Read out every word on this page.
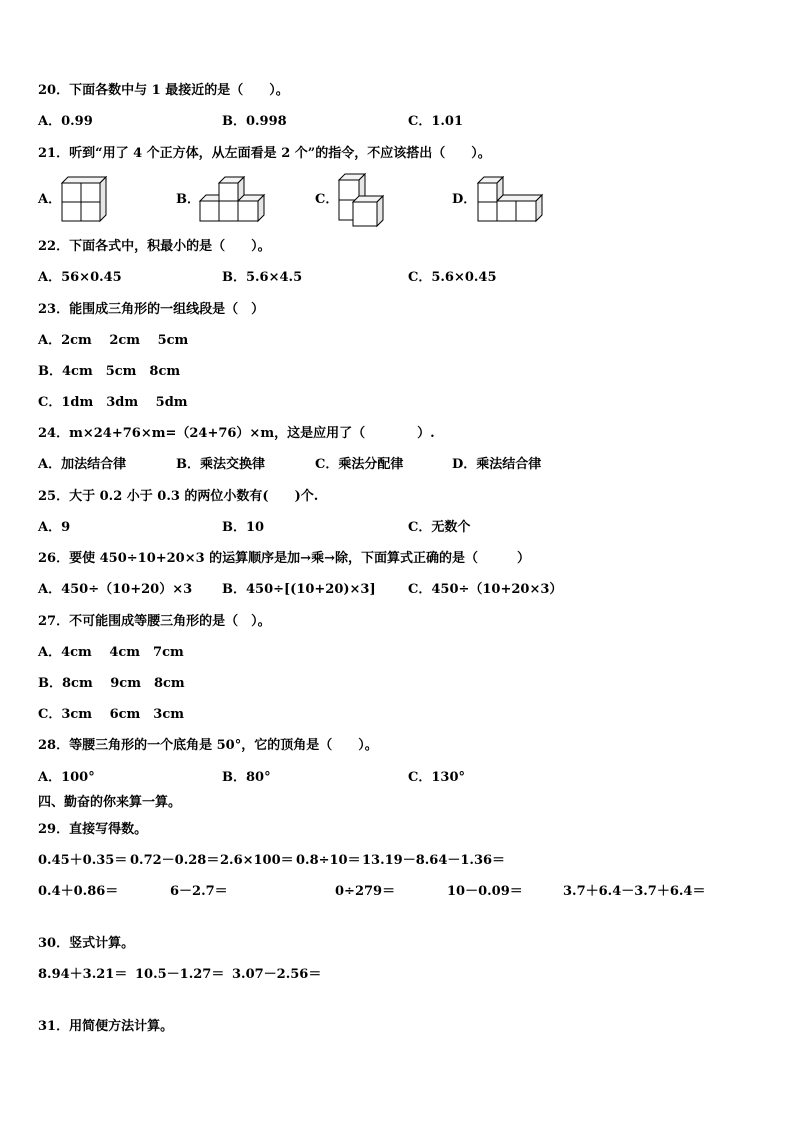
20．下面各数中与 1 最接近的是（　　）。
A．0.99	B．0.998	C．1.01
21．听到“用了 4 个正方体，从左面看是 2 个”的指令，不应该搭出（　　）。
A．	B．	C．	D．
22．下面各式中，积最小的是（　　）。
A．56×0.45	B．5.6×4.5	C．5.6×0.45
23．能围成三角形的一组线段是（　）
A．2cm　 2cm　 5cm
B．4cm　5cm　8cm
C．1dm　3dm　 5dm
24．m×24+76×m=（24+76）×m，这是应用了（　　　　）.
A．加法结合律	B．乘法交换律	C．乘法分配律	D．乘法结合律
25．大于 0.2 小于 0.3 的两位小数有(　　)个.
A．9	B．10	C．无数个
26．要使 450÷10+20×3 的运算顺序是加→乘→除，下面算式正确的是（　　　）
A．450÷（10+20）×3 B．450÷[(10+20)×3] C．450÷（10+20×3）
27．不可能围成等腰三角形的是（　）。
A．4cm　 4cm　7cm
B．8cm　 9cm　8cm
C．3cm　 6cm　3cm
28．等腰三角形的一个底角是 50°，它的顶角是（　　）。
A．100°	B．80°	C．130°
四、勤奋的你来算一算。
29．直接写得数。
0.45＋0.35＝ 0.72－0.28＝ 2.6×100＝ 0.8÷10＝ 13.19－8.64－1.36＝
0.4＋0.86＝	6－2.7＝	0÷279＝	10－0.09＝	3.7＋6.4－3.7＋6.4＝
30．竖式计算。
8.94＋3.21＝ 10.5－1.27＝ 3.07－2.56＝
31．用简便方法计算。
